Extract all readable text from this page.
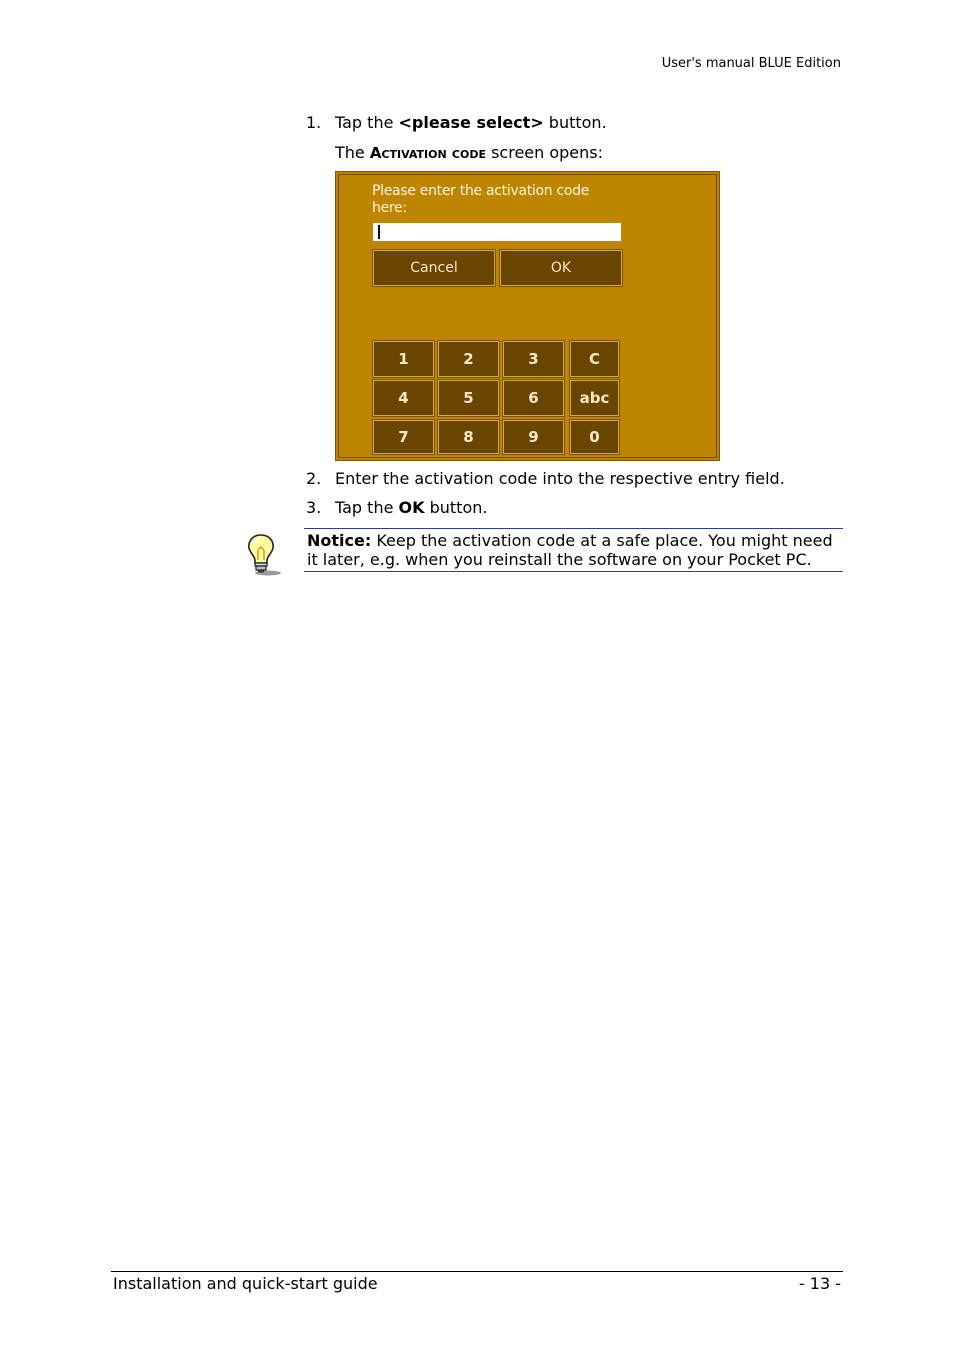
User's manual BLUE Edition
1. Tap the <please select> button.
The Activation code screen opens:
Please enter the activation code here:
Cancel	OK
1	2	3	C
4	5	6	abc
7	8	9	0
2. Enter the activation code into the respective entry field.
3. Tap the OK button.
Notice: Keep the activation code at a safe place. You might need it later, e.g. when you reinstall the software on your Pocket PC.
Installation and quick-start guide	- 13 -
